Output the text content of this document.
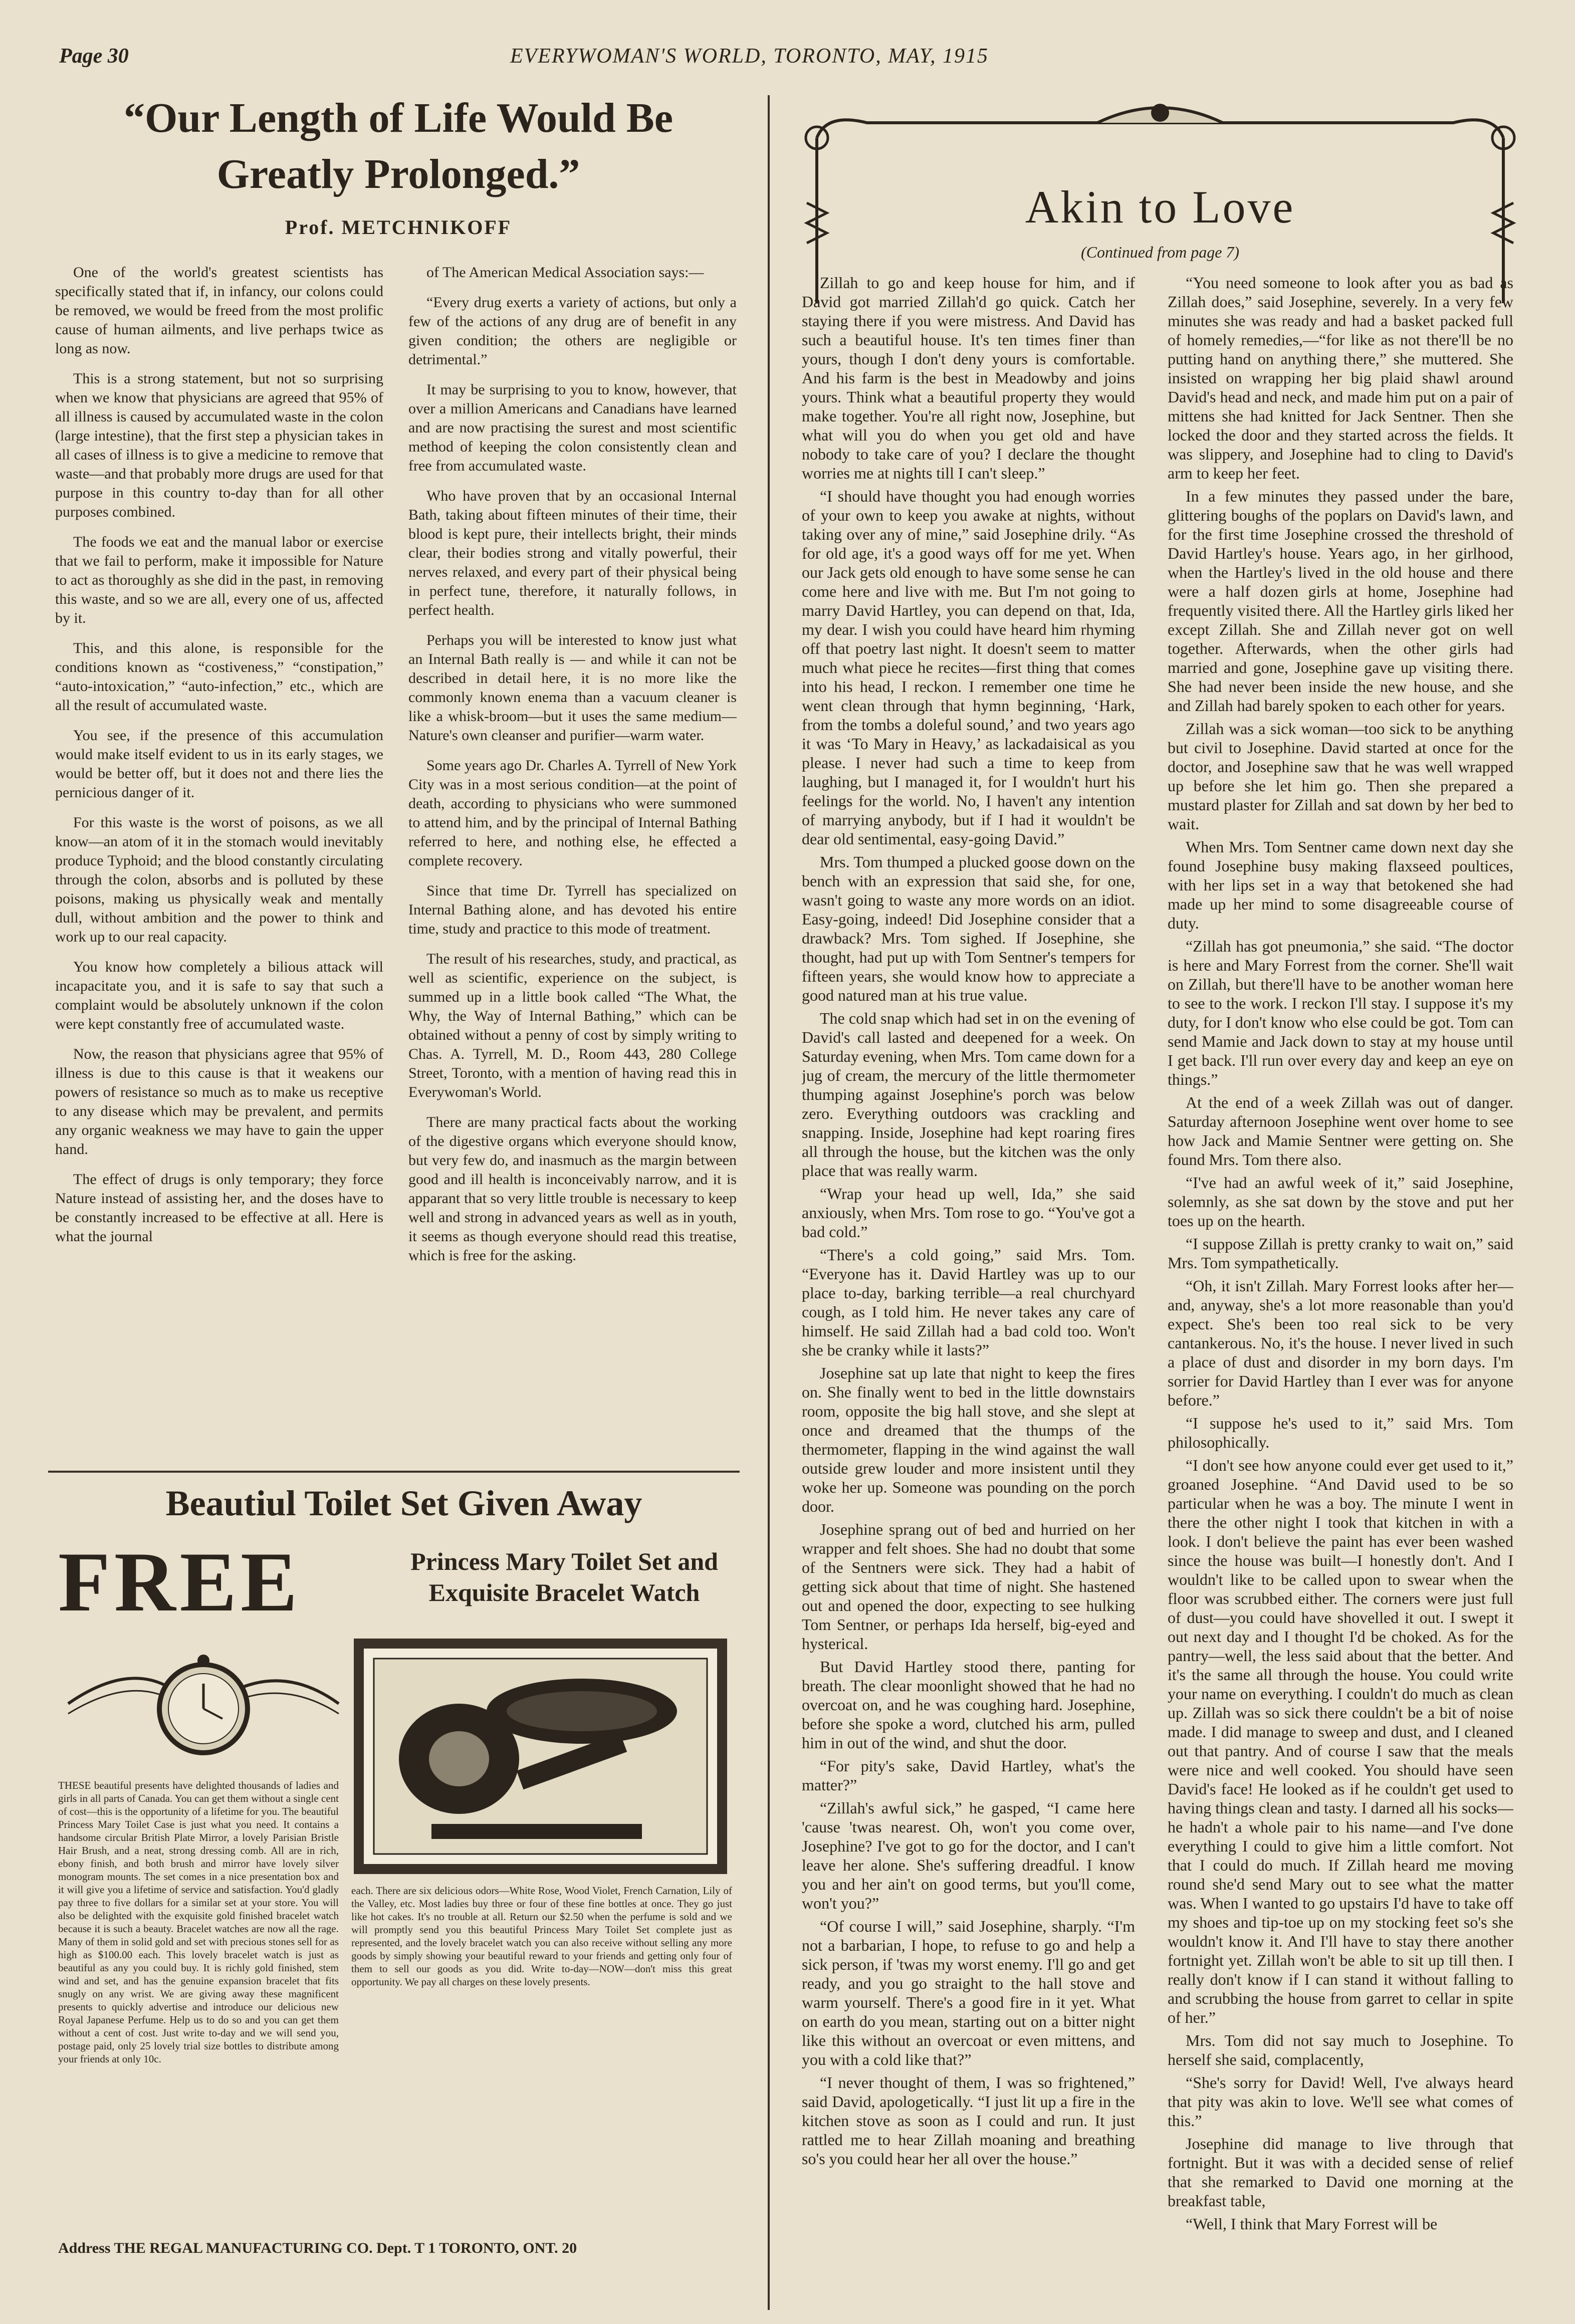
Page 30	EVERYWOMAN'S WORLD, TORONTO, MAY, 1915
“Our Length of Life Would Be Greatly Prolonged.”
Prof. METCHNIKOFF

One of the world's greatest scientists has specifically stated that if, in infancy, our colons could be removed, we would be freed from the most prolific cause of human ailments, and live perhaps twice as long as now.

This is a strong statement, but not so surprising when we know that physicians are agreed that 95% of all illness is caused by accumulated waste in the colon (large intestine), that the first step a physician takes in all cases of illness is to give a medicine to remove that waste—and that probably more drugs are used for that purpose in this country to-day than for all other purposes combined.

The foods we eat and the manual labor or exercise that we fail to perform, make it impossible for Nature to act as thoroughly as she did in the past, in removing this waste, and so we are all, every one of us, affected by it.

This, and this alone, is responsible for the conditions known as “costiveness,” “constipation,” “auto-intoxication,” “auto-infection,” etc., which are all the result of accumulated waste.

You see, if the presence of this accumulation would make itself evident to us in its early stages, we would be better off, but it does not and there lies the pernicious danger of it.

For this waste is the worst of poisons, as we all know—an atom of it in the stomach would inevitably produce Typhoid; and the blood constantly circulating through the colon, absorbs and is polluted by these poisons, making us physically weak and mentally dull, without ambition and the power to think and work up to our real capacity.

You know how completely a bilious attack will incapacitate you, and it is safe to say that such a complaint would be absolutely unknown if the colon were kept constantly free of accumulated waste.

Now, the reason that physicians agree that 95% of illness is due to this cause is that it weakens our powers of resistance so much as to make us receptive to any disease which may be prevalent, and permits any organic weakness we may have to gain the upper hand.

The effect of drugs is only temporary; they force Nature instead of assisting her, and the doses have to be constantly increased to be effective at all. Here is what the journal

of The American Medical Association says:—

“Every drug exerts a variety of actions, but only a few of the actions of any drug are of benefit in any given condition; the others are negligible or detrimental.”

It may be surprising to you to know, however, that over a million Americans and Canadians have learned and are now practising the surest and most scientific method of keeping the colon consistently clean and free from accumulated waste.

Who have proven that by an occasional Internal Bath, taking about fifteen minutes of their time, their blood is kept pure, their intellects bright, their minds clear, their bodies strong and vitally powerful, their nerves relaxed, and every part of their physical being in perfect tune, therefore, it naturally follows, in perfect health.

Perhaps you will be interested to know just what an Internal Bath really is — and while it can not be described in detail here, it is no more like the commonly known enema than a vacuum cleaner is like a whisk-broom—but it uses the same medium—Nature's own cleanser and purifier—warm water.

Some years ago Dr. Charles A. Tyrrell of New York City was in a most serious condition—at the point of death, according to physicians who were summoned to attend him, and by the principal of Internal Bathing referred to here, and nothing else, he effected a complete recovery.

Since that time Dr. Tyrrell has specialized on Internal Bathing alone, and has devoted his entire time, study and practice to this mode of treatment.

The result of his researches, study, and practical, as well as scientific, experience on the subject, is summed up in a little book called “The What, the Why, the Way of Internal Bathing,” which can be obtained without a penny of cost by simply writing to Chas. A. Tyrrell, M. D., Room 443, 280 College Street, Toronto, with a mention of having read this in Everywoman's World.

There are many practical facts about the working of the digestive organs which everyone should know, but very few do, and inasmuch as the margin between good and ill health is inconceivably narrow, and it is apparant that so very little trouble is necessary to keep well and strong in advanced years as well as in youth, it seems as though everyone should read this treatise, which is free for the asking.

Beautiul Toilet Set Given Away
FREE	Princess Mary Toilet Set and Exquisite Bracelet Watch
THESE beautiful presents have delighted thousands of ladies and girls in all parts of Canada. You can get them without a single cent of cost—this is the opportunity of a lifetime for you. The beautiful Princess Mary Toilet Case is just what you need. It contains a handsome circular British Plate Mirror, a lovely Parisian Bristle Hair Brush, and a neat, strong dressing comb. All are in rich, ebony finish, and both brush and mirror have lovely silver monogram mounts. The set comes in a nice presentation box and it will give you a lifetime of service and satisfaction. You'd gladly pay three to five dollars for a similar set at your store. You will also be delighted with the exquisite gold finished bracelet watch because it is such a beauty. Bracelet watches are now all the rage. Many of them in solid gold and set with precious stones sell for as high as $100.00 each. This lovely bracelet watch is just as beautiful as any you could buy. It is richly gold finished, stem wind and set, and has the genuine expansion bracelet that fits snugly on any wrist. We are giving away these magnificent presents to quickly advertise and introduce our delicious new Royal Japanese Perfume. Help us to do so and you can get them without a cent of cost. Just write to-day and we will send you, postage paid, only 25 lovely trial size bottles to distribute among your friends at only 10c.
each. There are six delicious odors—White Rose, Wood Violet, French Carnation, Lily of the Valley, etc. Most ladies buy three or four of these fine bottles at once. They go just like hot cakes. It's no trouble at all. Return our $2.50 when the perfume is sold and we will promptly send you this beautiful Princess Mary Toilet Set complete just as represented, and the lovely bracelet watch you can also receive without selling any more goods by simply showing your beautiful reward to your friends and getting only four of them to sell our goods as you did. Write to-day—NOW—don't miss this great opportunity. We pay all charges on these lovely presents.
Address THE REGAL MANUFACTURING CO. Dept. T 1 TORONTO, ONT. 20
Akin to Love
(Continued from page 7)

Zillah to go and keep house for him, and if David got married Zillah'd go quick. Catch her staying there if you were mistress. And David has such a beautiful house. It's ten times finer than yours, though I don't deny yours is comfortable. And his farm is the best in Meadowby and joins yours. Think what a beautiful property they would make together. You're all right now, Josephine, but what will you do when you get old and have nobody to take care of you? I declare the thought worries me at nights till I can't sleep.”

“I should have thought you had enough worries of your own to keep you awake at nights, without taking over any of mine,” said Josephine drily. “As for old age, it's a good ways off for me yet. When our Jack gets old enough to have some sense he can come here and live with me. But I'm not going to marry David Hartley, you can depend on that, Ida, my dear. I wish you could have heard him rhyming off that poetry last night. It doesn't seem to matter much what piece he recites—first thing that comes into his head, I reckon. I remember one time he went clean through that hymn beginning, ‘Hark, from the tombs a doleful sound,’ and two years ago it was ‘To Mary in Heavy,’ as lackadaisical as you please. I never had such a time to keep from laughing, but I managed it, for I wouldn't hurt his feelings for the world. No, I haven't any intention of marrying anybody, but if I had it wouldn't be dear old sentimental, easy-going David.”

Mrs. Tom thumped a plucked goose down on the bench with an expression that said she, for one, wasn't going to waste any more words on an idiot. Easy-going, indeed! Did Josephine consider that a drawback? Mrs. Tom sighed. If Josephine, she thought, had put up with Tom Sentner's tempers for fifteen years, she would know how to appreciate a good natured man at his true value.

The cold snap which had set in on the evening of David's call lasted and deepened for a week. On Saturday evening, when Mrs. Tom came down for a jug of cream, the mercury of the little thermometer thumping against Josephine's porch was below zero. Everything outdoors was crackling and snapping. Inside, Josephine had kept roaring fires all through the house, but the kitchen was the only place that was really warm.

“Wrap your head up well, Ida,” she said anxiously, when Mrs. Tom rose to go. “You've got a bad cold.”

“There's a cold going,” said Mrs. Tom. “Everyone has it. David Hartley was up to our place to-day, barking terrible—a real churchyard cough, as I told him. He never takes any care of himself. He said Zillah had a bad cold too. Won't she be cranky while it lasts?”

Josephine sat up late that night to keep the fires on. She finally went to bed in the little downstairs room, opposite the big hall stove, and she slept at once and dreamed that the thumps of the thermometer, flapping in the wind against the wall outside grew louder and more insistent until they woke her up. Someone was pounding on the porch door.

Josephine sprang out of bed and hurried on her wrapper and felt shoes. She had no doubt that some of the Sentners were sick. They had a habit of getting sick about that time of night. She hastened out and opened the door, expecting to see hulking Tom Sentner, or perhaps Ida herself, big-eyed and hysterical.

But David Hartley stood there, panting for breath. The clear moonlight showed that he had no overcoat on, and he was coughing hard. Josephine, before she spoke a word, clutched his arm, pulled him in out of the wind, and shut the door.

“For pity's sake, David Hartley, what's the matter?”

“Zillah's awful sick,” he gasped, “I came here 'cause 'twas nearest. Oh, won't you come over, Josephine? I've got to go for the doctor, and I can't leave her alone. She's suffering dreadful. I know you and her ain't on good terms, but you'll come, won't you?”

“Of course I will,” said Josephine, sharply. “I'm not a barbarian, I hope, to refuse to go and help a sick person, if 'twas my worst enemy. I'll go and get ready, and you go straight to the hall stove and warm yourself. There's a good fire in it yet. What on earth do you mean, starting out on a bitter night like this without an overcoat or even mittens, and you with a cold like that?”

“I never thought of them, I was so frightened,” said David, apologetically. “I just lit up a fire in the kitchen stove as soon as I could and run. It just rattled me to hear Zillah moaning and breathing so's you could hear her all over the house.”

“You need someone to look after you as bad as Zillah does,” said Josephine, severely. In a very few minutes she was ready and had a basket packed full of homely remedies,—“for like as not there'll be no putting hand on anything there,” she muttered. She insisted on wrapping her big plaid shawl around David's head and neck, and made him put on a pair of mittens she had knitted for Jack Sentner. Then she locked the door and they started across the fields. It was slippery, and Josephine had to cling to David's arm to keep her feet.

In a few minutes they passed under the bare, glittering boughs of the poplars on David's lawn, and for the first time Josephine crossed the threshold of David Hartley's house. Years ago, in her girlhood, when the Hartley's lived in the old house and there were a half dozen girls at home, Josephine had frequently visited there. All the Hartley girls liked her except Zillah. She and Zillah never got on well together. Afterwards, when the other girls had married and gone, Josephine gave up visiting there. She had never been inside the new house, and she and Zillah had barely spoken to each other for years.

Zillah was a sick woman—too sick to be anything but civil to Josephine. David started at once for the doctor, and Josephine saw that he was well wrapped up before she let him go. Then she prepared a mustard plaster for Zillah and sat down by her bed to wait.

When Mrs. Tom Sentner came down next day she found Josephine busy making flaxseed poultices, with her lips set in a way that betokened she had made up her mind to some disagreeable course of duty.

“Zillah has got pneumonia,” she said. “The doctor is here and Mary Forrest from the corner. She'll wait on Zillah, but there'll have to be another woman here to see to the work. I reckon I'll stay. I suppose it's my duty, for I don't know who else could be got. Tom can send Mamie and Jack down to stay at my house until I get back. I'll run over every day and keep an eye on things.”

At the end of a week Zillah was out of danger. Saturday afternoon Josephine went over home to see how Jack and Mamie Sentner were getting on. She found Mrs. Tom there also.

“I've had an awful week of it,” said Josephine, solemnly, as she sat down by the stove and put her toes up on the hearth.

“I suppose Zillah is pretty cranky to wait on,” said Mrs. Tom sympathetically.

“Oh, it isn't Zillah. Mary Forrest looks after her—and, anyway, she's a lot more reasonable than you'd expect. She's been too real sick to be very cantankerous. No, it's the house. I never lived in such a place of dust and disorder in my born days. I'm sorrier for David Hartley than I ever was for anyone before.”

“I suppose he's used to it,” said Mrs. Tom philosophically.

“I don't see how anyone could ever get used to it,” groaned Josephine. “And David used to be so particular when he was a boy. The minute I went in there the other night I took that kitchen in with a look. I don't believe the paint has ever been washed since the house was built—I honestly don't. And I wouldn't like to be called upon to swear when the floor was scrubbed either. The corners were just full of dust—you could have shovelled it out. I swept it out next day and I thought I'd be choked. As for the pantry—well, the less said about that the better. And it's the same all through the house. You could write your name on everything. I couldn't do much as clean up. Zillah was so sick there couldn't be a bit of noise made. I did manage to sweep and dust, and I cleaned out that pantry. And of course I saw that the meals were nice and well cooked. You should have seen David's face! He looked as if he couldn't get used to having things clean and tasty. I darned all his socks—he hadn't a whole pair to his name—and I've done everything I could to give him a little comfort. Not that I could do much. If Zillah heard me moving round she'd send Mary out to see what the matter was. When I wanted to go upstairs I'd have to take off my shoes and tip-toe up on my stocking feet so's she wouldn't know it. And I'll have to stay there another fortnight yet. Zillah won't be able to sit up till then. I really don't know if I can stand it without falling to and scrubbing the house from garret to cellar in spite of her.”

Mrs. Tom did not say much to Josephine. To herself she said, complacently,

“She's sorry for David! Well, I've always heard that pity was akin to love. We'll see what comes of this.”

Josephine did manage to live through that fortnight. But it was with a decided sense of relief that she remarked to David one morning at the breakfast table,

“Well, I think that Mary Forrest will be
